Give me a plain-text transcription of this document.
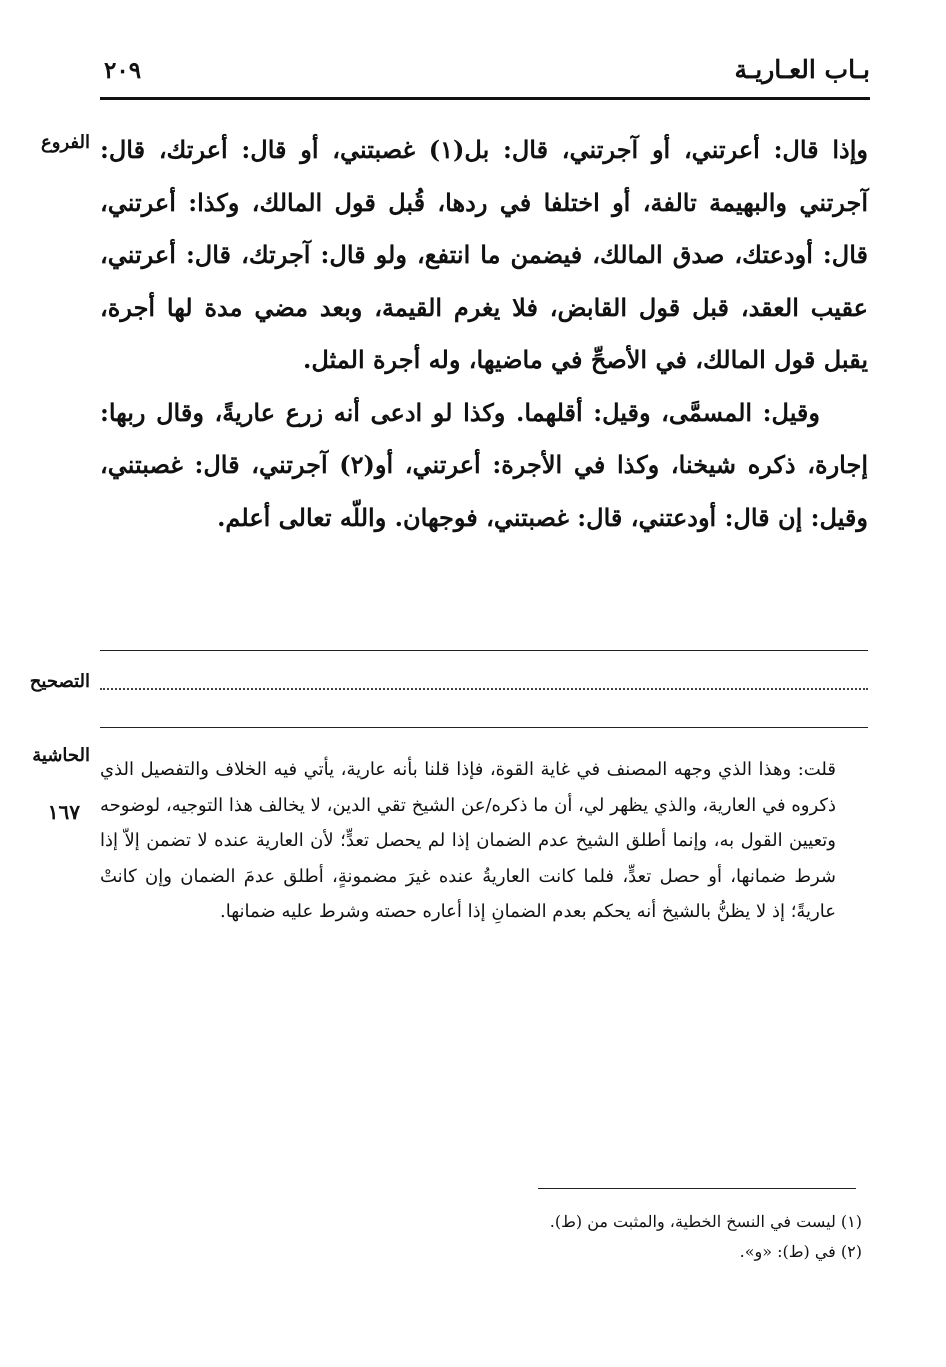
بـاب العـاريـة
٢٠٩
الفروع وإذا قال: أعرتني، أو آجرتني، قال: بل(١) غصبتني، أو قال: أعرتك، قال: آجرتني والبهيمة تالفة، أو اختلفا في ردها، قُبل قول المالك، وكذا: أعرتني، قال: أودعتك، صدق المالك، فيضمن ما انتفع، ولو قال: آجرتك، قال: أعرتني، عقيب العقد، قبل قول القابض، فلا يغرم القيمة، وبعد مضي مدة لها أجرة، يقبل قول المالك، في الأصحِّ في ماضيها، وله أجرة المثل.

وقيل: المسمَّى، وقيل: أقلهما. وكذا لو ادعى أنه زرع عاريةً، وقال ربها: إجارة، ذكره شيخنا، وكذا في الأجرة: أعرتني، أو(٢) آجرتني، قال: غصبتني، وقيل: إن قال: أودعتني، قال: غصبتني، فوجهان. واللّه تعالى أعلم.

التصحيح
الحاشية
١٦٧

قلت: وهذا الذي وجهه المصنف في غاية القوة، فإذا قلنا بأنه عارية، يأتي فيه الخلاف والتفصيل الذي ذكروه في العارية، والذي يظهر لي، أن ما ذكره/عن الشيخ تقي الدين، لا يخالف هذا التوجيه، لوضوحه وتعيين القول به، وإنما أطلق الشيخ عدم الضمان إذا لم يحصل تعدٍّ؛ لأن العارية عنده لا تضمن إلاّ إذا شرط ضمانها، أو حصل تعدٍّ، فلما كانت العاريةُ عنده غيرَ مضمونةٍ، أطلق عدمَ الضمان وإن كانتْ عاريةً؛ إذ لا يظنُّ بالشيخ أنه يحكم بعدم الضمانِ إذا أعاره حصته وشرط عليه ضمانها.

(١) ليست في النسخ الخطية، والمثبت من (ط).

(٢) في (ط): «و».
